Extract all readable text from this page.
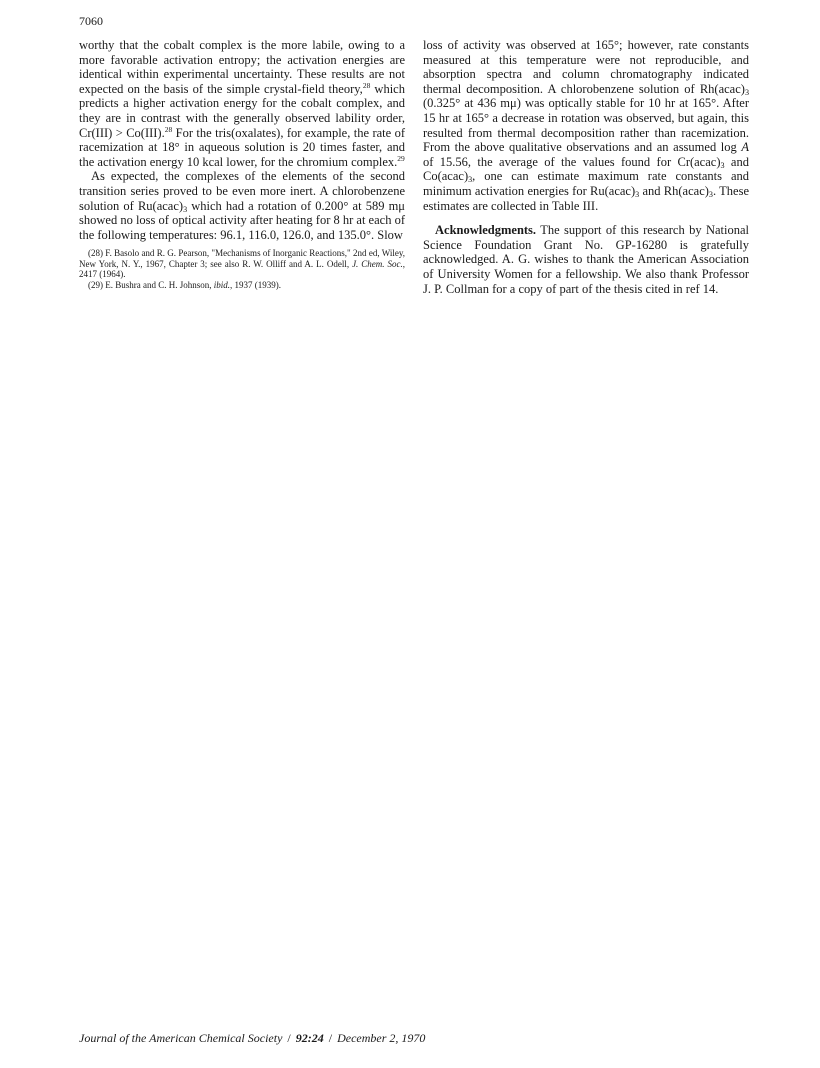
7060

worthy that the cobalt complex is the more labile, owing to a more favorable activation entropy; the activation energies are identical within experimental uncertainty. These results are not expected on the basis of the simple crystal-field theory,$^{28}$ which predicts a higher activation energy for the cobalt complex, and they are in contrast with the generally observed lability order, Cr(III) > Co(III).$^{28}$ For the tris(oxalates), for example, the rate of racemization at 18° in aqueous solution is 20 times faster, and the activation energy 10 kcal lower, for the chromium complex.$^{29}$

As expected, the complexes of the elements of the second transition series proved to be even more inert. A chlorobenzene solution of $Ru(acac)_3$ which had a rotation of 0.200° at 589 mμ showed no loss of optical activity after heating for 8 hr at each of the following temperatures: 96.1, 116.0, 126.0, and 135.0°. Slow

(28) F. Basolo and R. G. Pearson, "Mechanisms of Inorganic Reactions," 2nd ed, Wiley, New York, N. Y., 1967, Chapter 3; see also R. W. Olliff and A. L. Odell, J. Chem. Soc., 2417 (1964).

(29) E. Bushra and C. H. Johnson, ibid., 1937 (1939).

loss of activity was observed at 165°; however, rate constants measured at this temperature were not reproducible, and absorption spectra and column chromatography indicated thermal decomposition. A chlorobenzene solution of $Rh(acac)_3$ (0.325° at 436 mμ) was optically stable for 10 hr at 165°. After 15 hr at 165° a decrease in rotation was observed, but again, this resulted from thermal decomposition rather than racemization. From the above qualitative observations and an assumed log A of 15.56, the average of the values found for $Cr(acac)_3$ and $Co(acac)_3$, one can estimate maximum rate constants and minimum activation energies for $Ru(acac)_3$ and $Rh(acac)_3$. These estimates are collected in Table III.

Acknowledgments. The support of this research by National Science Foundation Grant No. GP-16280 is gratefully acknowledged. A. G. wishes to thank the American Association of University Women for a fellowship. We also thank Professor J. P. Collman for a copy of part of the thesis cited in ref 14.

Journal of the American Chemical Society / 92:24 / December 2, 1970
